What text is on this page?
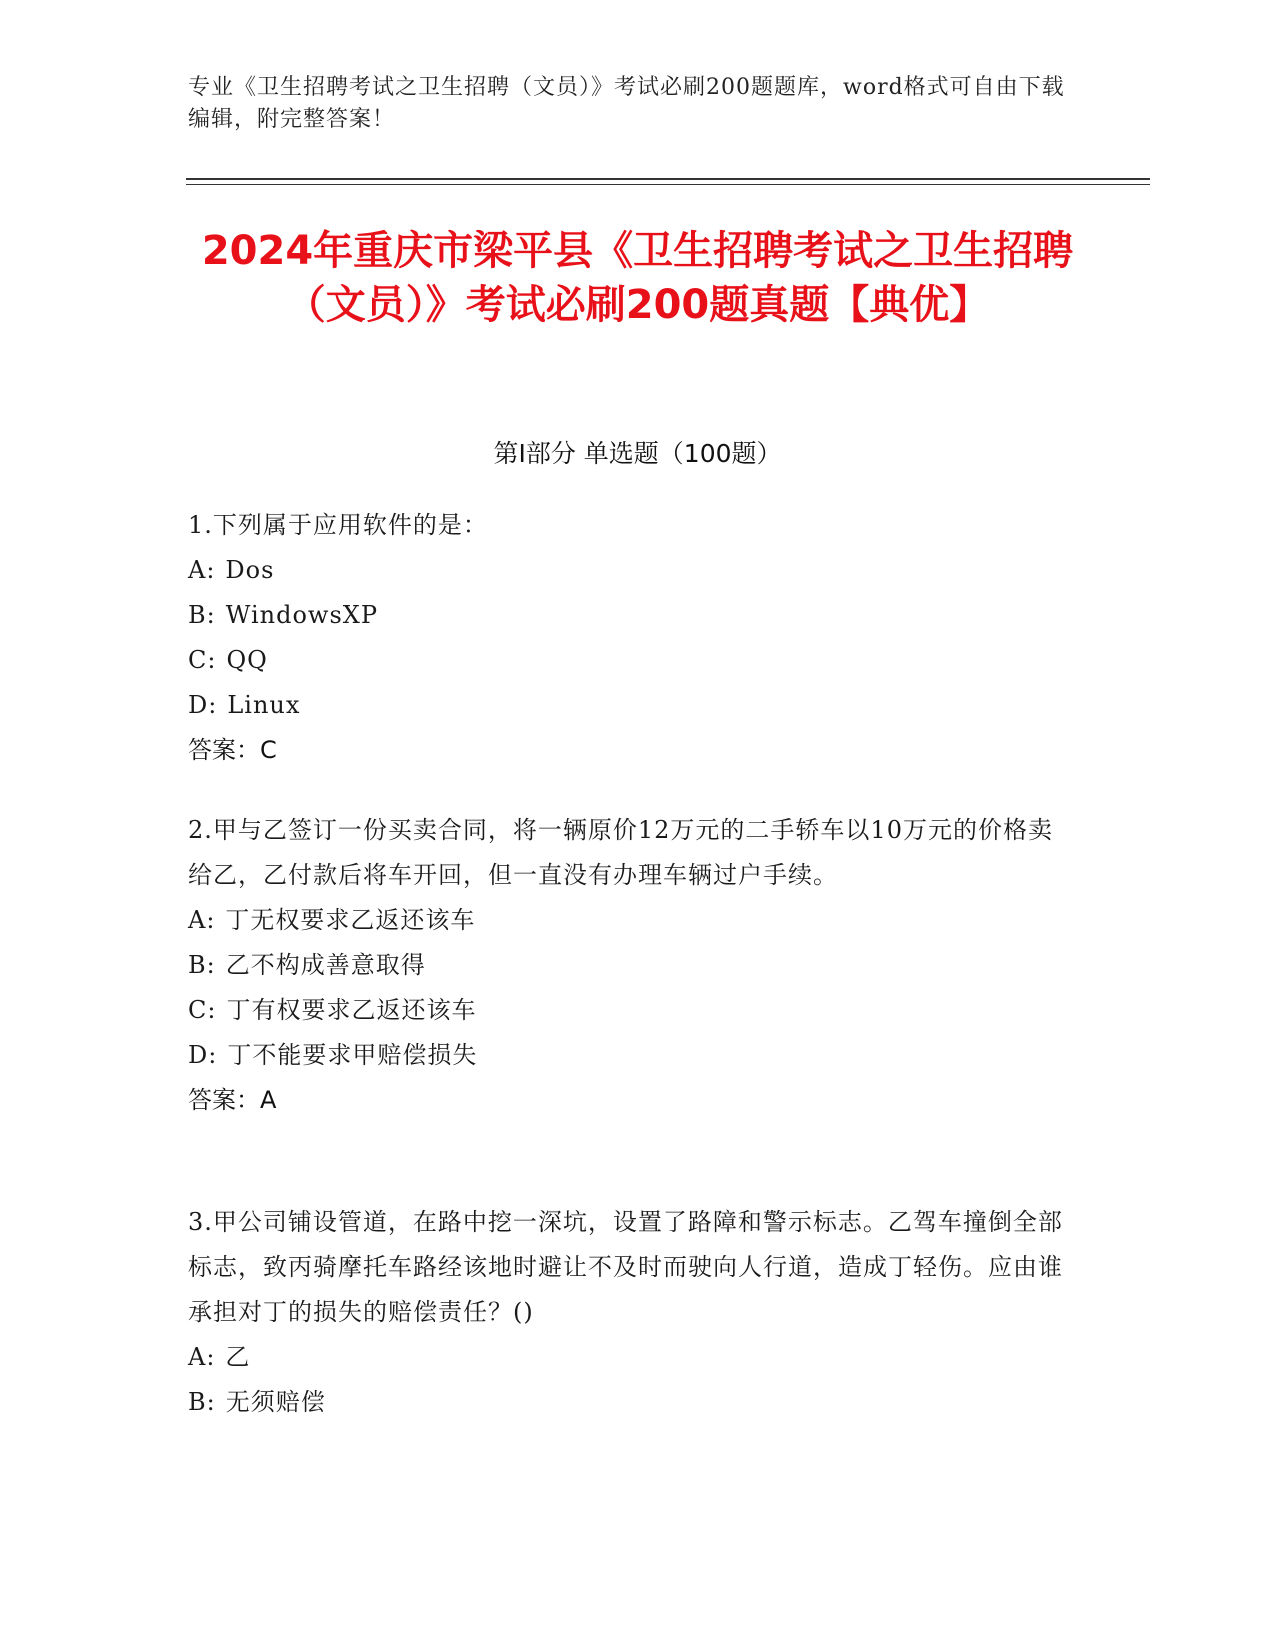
专业《卫生招聘考试之卫生招聘（文员）》考试必刷200题题库，word格式可自由下载编辑，附完整答案！
2024年重庆市梁平县《卫生招聘考试之卫生招聘（文员）》考试必刷200题真题【典优】
第Ⅰ部分 单选题（100题）

1.下列属于应用软件的是：

A: Dos

B: WindowsXP

C: QQ

D: Linux

答案：C

2.甲与乙签订一份买卖合同，将一辆原价12万元的二手轿车以10万元的价格卖给乙，乙付款后将车开回，但一直没有办理车辆过户手续。

A: 丁无权要求乙返还该车

B: 乙不构成善意取得

C: 丁有权要求乙返还该车

D: 丁不能要求甲赔偿损失

答案：A

3.甲公司铺设管道，在路中挖一深坑，设置了路障和警示标志。乙驾车撞倒全部标志，致丙骑摩托车路经该地时避让不及时而驶向人行道，造成丁轻伤。应由谁承担对丁的损失的赔偿责任？()

A: 乙

B: 无须赔偿
